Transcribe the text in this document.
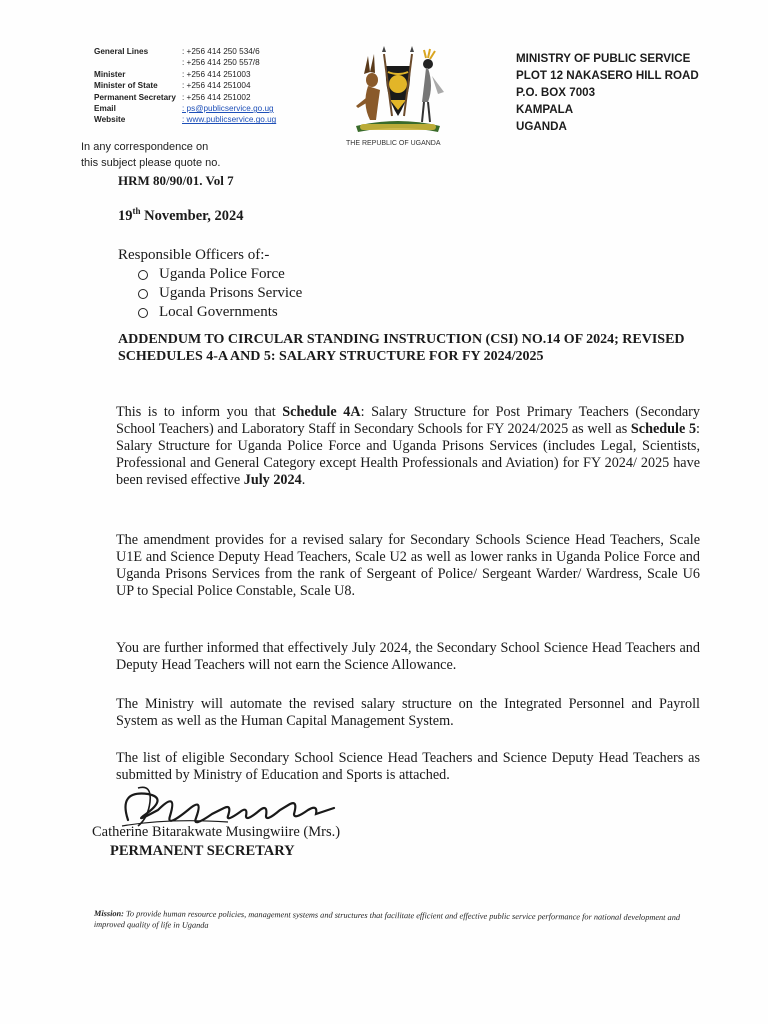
General Lines	: +256 414 250 534/6
: +256 414 250 557/8
Minister	: +256 414 251003
Minister of State	: +256 414 251004
Permanent Secretary : +256 414 251002
Email	: ps@publicservice.go.ug
Website	: www.publicservice.go.ug
THE REPUBLIC OF UGANDA
MINISTRY OF PUBLIC SERVICE
PLOT 12 NAKASERO HILL ROAD
P.O. BOX 7003
KAMPALA
UGANDA
In any correspondence on
this subject please quote no.
HRM 80/90/01. Vol 7
19th November, 2024
Responsible Officers of:-
Uganda Police Force
Uganda Prisons Service
Local Governments
ADDENDUM TO CIRCULAR STANDING INSTRUCTION (CSI) NO.14 OF 2024; REVISED SCHEDULES 4-A AND 5: SALARY STRUCTURE FOR FY 2024/2025
This is to inform you that Schedule 4A: Salary Structure for Post Primary Teachers (Secondary School Teachers) and Laboratory Staff in Secondary Schools for FY 2024/2025 as well as Schedule 5: Salary Structure for Uganda Police Force and Uganda Prisons Services (includes Legal, Scientists, Professional and General Category except Health Professionals and Aviation) for FY 2024/ 2025 have been revised effective July 2024.
The amendment provides for a revised salary for Secondary Schools Science Head Teachers, Scale U1E and Science Deputy Head Teachers, Scale U2 as well as lower ranks in Uganda Police Force and Uganda Prisons Services from the rank of Sergeant of Police/ Sergeant Warder/ Wardress, Scale U6 UP to Special Police Constable, Scale U8.
You are further informed that effectively July 2024, the Secondary School Science Head Teachers and Deputy Head Teachers will not earn the Science Allowance.
The Ministry will automate the revised salary structure on the Integrated Personnel and Payroll System as well as the Human Capital Management System.
The list of eligible Secondary School Science Head Teachers and Science Deputy Head Teachers as submitted by Ministry of Education and Sports is attached.
Catherine Bitarakwate Musingwiire (Mrs.)
PERMANENT SECRETARY
Mission: To provide human resource policies, management systems and structures that facilitate efficient and effective public service performance for national development and improved quality of life in Uganda
